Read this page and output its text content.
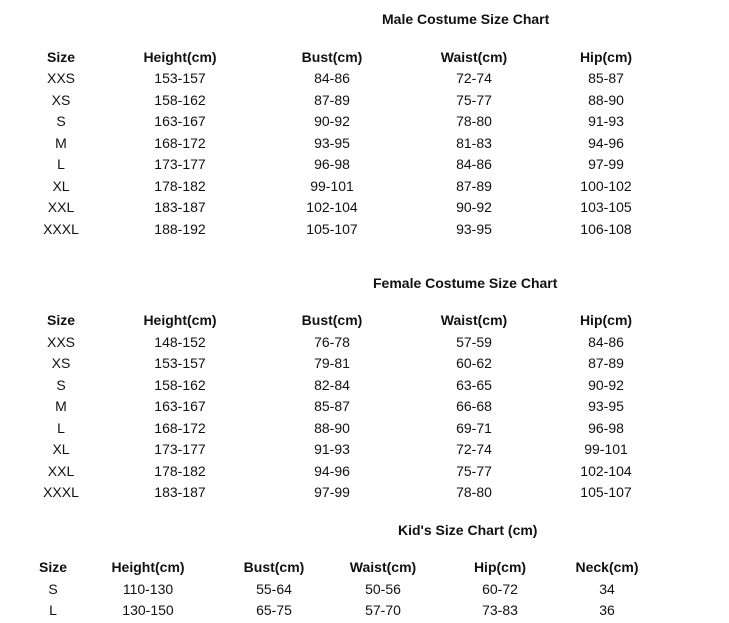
Male Costume Size Chart
Size	Height(cm)	Bust(cm)	Waist(cm)	Hip(cm)
XXS	153-157	84-86	72-74	85-87
XS	158-162	87-89	75-77	88-90
S	163-167	90-92	78-80	91-93
M	168-172	93-95	81-83	94-96
L	173-177	96-98	84-86	97-99
XL	178-182	99-101	87-89	100-102
XXL	183-187	102-104	90-92	103-105
XXXL	188-192	105-107	93-95	106-108
Female Costume Size Chart
Size	Height(cm)	Bust(cm)	Waist(cm)	Hip(cm)
XXS	148-152	76-78	57-59	84-86
XS	153-157	79-81	60-62	87-89
S	158-162	82-84	63-65	90-92
M	163-167	85-87	66-68	93-95
L	168-172	88-90	69-71	96-98
XL	173-177	91-93	72-74	99-101
XXL	178-182	94-96	75-77	102-104
XXXL	183-187	97-99	78-80	105-107
Kid's Size Chart (cm)
Size	Height(cm)	Bust(cm)	Waist(cm)	Hip(cm)	Neck(cm)
S	110-130	55-64	50-56	60-72	34
L	130-150	65-75	57-70	73-83	36
